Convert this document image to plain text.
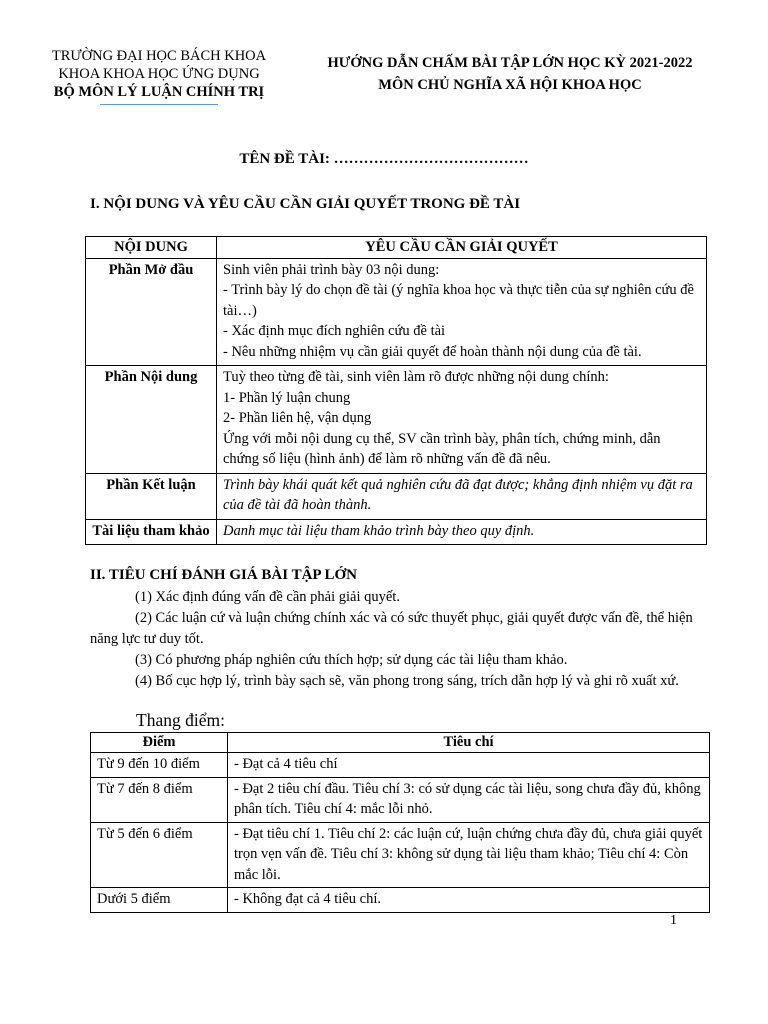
TRƯỜNG ĐẠI HỌC BÁCH KHOA
KHOA KHOA HỌC ỨNG DỤNG
BỘ MÔN LÝ LUẬN CHÍNH TRỊ
HƯỚNG DẪN CHẤM BÀI TẬP LỚN HỌC KỲ 2021-2022
MÔN CHỦ NGHĨA XÃ HỘI KHOA HỌC
TÊN ĐỀ TÀI: …………………………………
I. NỘI DUNG VÀ YÊU CẦU CẦN GIẢI QUYẾT TRONG ĐỀ TÀI
NỘI DUNG	YÊU CẦU CẦN GIẢI QUYẾT
Phần Mở đầu	Sinh viên phải trình bày 03 nội dung:
- Trình bày lý do chọn đề tài (ý nghĩa khoa học và thực tiễn của sự nghiên cứu đề tài…)
- Xác định mục đích nghiên cứu đề tài
- Nêu những nhiệm vụ cần giải quyết để hoàn thành nội dung của đề tài.

Phần Nội dung	Tuỳ theo từng đề tài, sinh viên làm rõ được những nội dung chính:
1- Phần lý luận chung
2- Phần liên hệ, vận dụng
Ứng với mỗi nội dung cụ thể, SV cần trình bày, phân tích, chứng minh, dẫn chứng số liệu (hình ảnh) để làm rõ những vấn đề đã nêu.

Phần Kết luận	Trình bày khái quát kết quả nghiên cứu đã đạt được; khẳng định nhiệm vụ đặt ra của đề tài đã hoàn thành.

Tài liệu tham khảo	Danh mục tài liệu tham khảo trình bày theo quy định.
II. TIÊU CHÍ ĐÁNH GIÁ BÀI TẬP LỚN

(1) Xác định đúng vấn đề cần phải giải quyết.

(2) Các luận cứ và luận chứng chính xác và có sức thuyết phục, giải quyết được vấn đề, thể hiện năng lực tư duy tốt.

(3) Có phương pháp nghiên cứu thích hợp; sử dụng các tài liệu tham khảo.

(4) Bố cục hợp lý, trình bày sạch sẽ, văn phong trong sáng, trích dẫn hợp lý và ghi rõ xuất xứ.

Thang điểm:
Điểm	Tiêu chí
Từ 9 đến 10 điểm	- Đạt cả 4 tiêu chí
Từ 7 đến 8 điểm	- Đạt 2 tiêu chí đầu. Tiêu chí 3: có sử dụng các tài liệu, song chưa đầy đủ, không phân tích. Tiêu chí 4: mắc lỗi nhỏ.
Từ 5 đến 6 điểm	- Đạt tiêu chí 1. Tiêu chí 2: các luận cứ, luận chứng chưa đầy đủ, chưa giải quyết trọn vẹn vấn đề. Tiêu chí 3: không sử dụng tài liệu tham khảo; Tiêu chí 4: Còn mắc lỗi.
Dưới 5 điểm	- Không đạt cả 4 tiêu chí.
1
